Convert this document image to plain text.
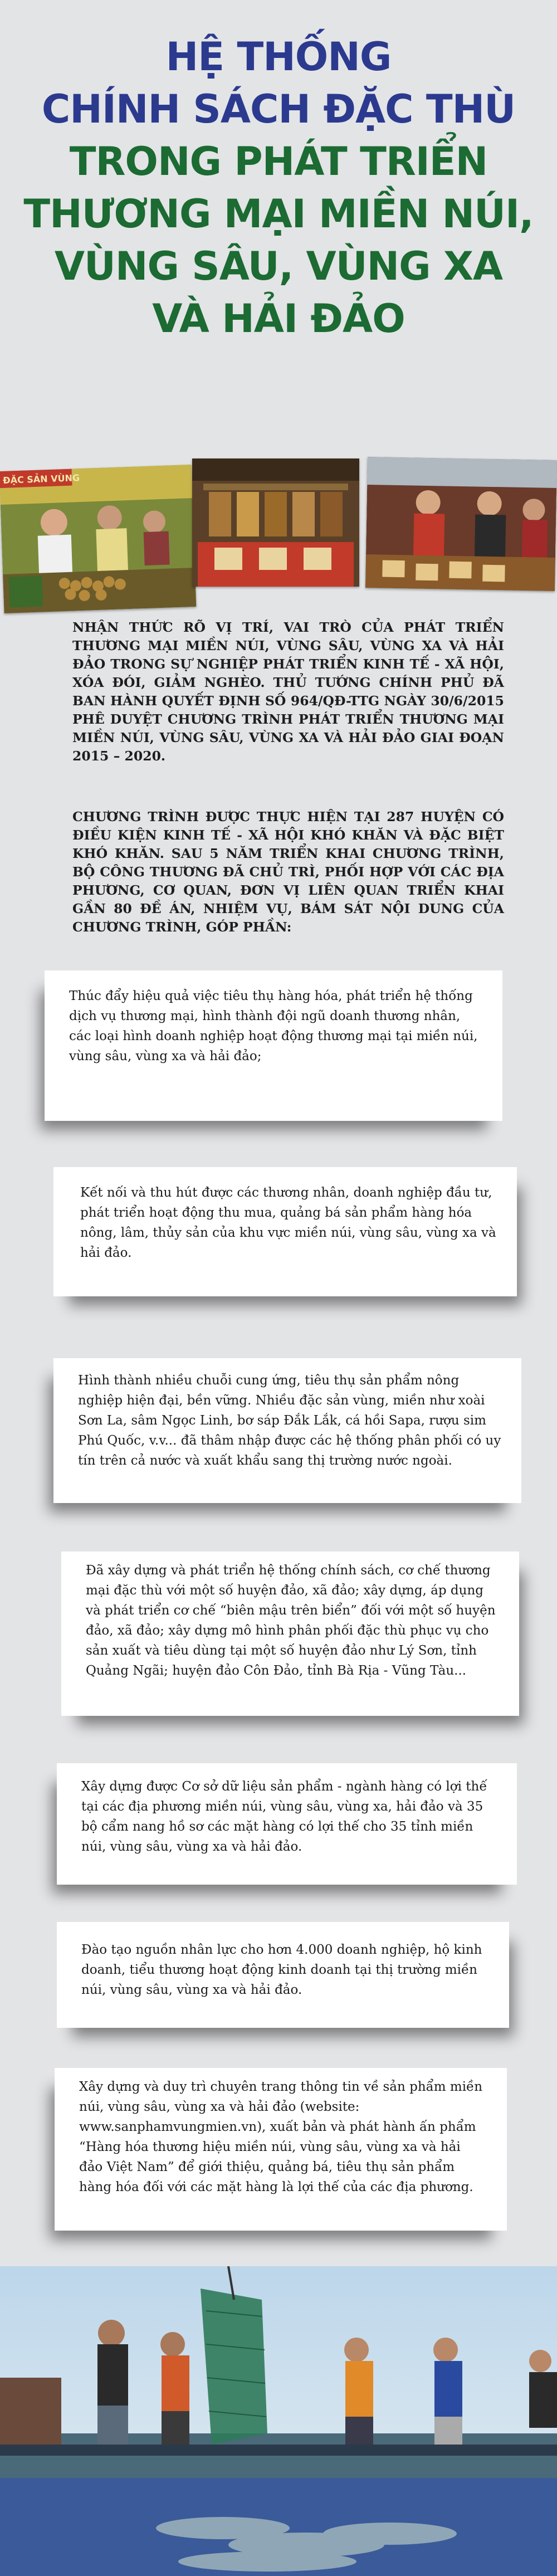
HỆ THỐNG
CHÍNH SÁCH ĐẶC THÙ
TRONG PHÁT TRIỂN
THƯƠNG MẠI MIỀN NÚI,
VÙNG SÂU, VÙNG XA
VÀ HẢI ĐẢO
ĐẶC SẢN VÙNG
NHẬN THỨC RÕ VỊ TRÍ, VAI TRÒ CỦA PHÁT TRIỂN THƯƠNG MẠI MIỀN NÚI, VÙNG SÂU, VÙNG XA VÀ HẢI ĐẢO TRONG SỰ NGHIỆP PHÁT TRIỂN KINH TẾ - XÃ HỘI, XÓA ĐÓI, GIẢM NGHÈO. THỦ TƯỚNG CHÍNH PHỦ ĐÃ BAN HÀNH QUYẾT ĐỊNH SỐ 964/QĐ-TTG NGÀY 30/6/2015 PHÊ DUYỆT CHƯƠNG TRÌNH PHÁT TRIỂN THƯƠNG MẠI MIỀN NÚI, VÙNG SÂU, VÙNG XA VÀ HẢI ĐẢO GIAI ĐOẠN 2015 – 2020.
CHƯƠNG TRÌNH ĐƯỢC THỰC HIỆN TẠI 287 HUYỆN CÓ ĐIỀU KIỆN KINH TẾ - XÃ HỘI KHÓ KHĂN VÀ ĐẶC BIỆT KHÓ KHĂN. SAU 5 NĂM TRIỂN KHAI CHƯƠNG TRÌNH, BỘ CÔNG THƯƠNG ĐÃ CHỦ TRÌ, PHỐI HỢP VỚI CÁC ĐỊA PHƯƠNG, CƠ QUAN, ĐƠN VỊ LIÊN QUAN TRIỂN KHAI GẦN 80 ĐỀ ÁN, NHIỆM VỤ, BÁM SÁT NỘI DUNG CỦA CHƯƠNG TRÌNH, GÓP PHẦN:

Thúc đẩy hiệu quả việc tiêu thụ hàng hóa, phát triển hệ thống dịch vụ thương mại, hình thành đội ngũ doanh thương nhân, các loại hình doanh nghiệp hoạt động thương mại tại miền núi, vùng sâu, vùng xa và hải đảo;

Kết nối và thu hút được các thương nhân, doanh nghiệp đầu tư, phát triển hoạt động thu mua, quảng bá sản phẩm hàng hóa nông, lâm, thủy sản của khu vực miền núi, vùng sâu, vùng xa và hải đảo.

Hình thành nhiều chuỗi cung ứng, tiêu thụ sản phẩm nông nghiệp hiện đại, bền vững. Nhiều đặc sản vùng, miền như xoài Sơn La, sâm Ngọc Linh, bơ sáp Đắk Lắk, cá hồi Sapa, rượu sim Phú Quốc, v.v... đã thâm nhập được các hệ thống phân phối có uy tín trên cả nước và xuất khẩu sang thị trường nước ngoài.

Đã xây dựng và phát triển hệ thống chính sách, cơ chế thương mại đặc thù với một số huyện đảo, xã đảo; xây dựng, áp dụng và phát triển cơ chế “biên mậu trên biển” đối với một số huyện đảo, xã đảo; xây dựng mô hình phân phối đặc thù phục vụ cho sản xuất và tiêu dùng tại một số huyện đảo như Lý Sơn, tỉnh Quảng Ngãi; huyện đảo Côn Đảo, tỉnh Bà Rịa - Vũng Tàu...

Xây dựng được Cơ sở dữ liệu sản phẩm - ngành hàng có lợi thế tại các địa phương miền núi, vùng sâu, vùng xa, hải đảo và 35 bộ cẩm nang hồ sơ các mặt hàng có lợi thế cho 35 tỉnh miền núi, vùng sâu, vùng xa và hải đảo.

Đào tạo nguồn nhân lực cho hơn 4.000 doanh nghiệp, hộ kinh doanh, tiểu thương hoạt động kinh doanh tại thị trường miền núi, vùng sâu, vùng xa và hải đảo.

Xây dựng và duy trì chuyên trang thông tin về sản phẩm miền núi, vùng sâu, vùng xa và hải đảo (website: www.sanphamvungmien.vn), xuất bản và phát hành ấn phẩm “Hàng hóa thương hiệu miền núi, vùng sâu, vùng xa và hải đảo Việt Nam” để giới thiệu, quảng bá, tiêu thụ sản phẩm hàng hóa đối với các mặt hàng là lợi thế của các địa phương.
